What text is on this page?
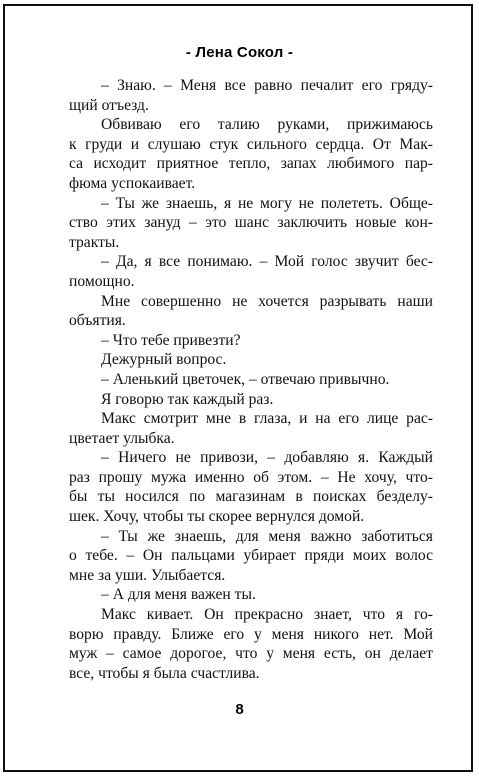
- Лена Сокол -
– Знаю. – Меня все равно печалит его гряду-
щий отъезд.
Обвиваю его талию руками, прижимаюсь
к груди и слушаю стук сильного сердца. От Мак-
са исходит приятное тепло, запах любимого пар-
фюма успокаивает.
– Ты же знаешь, я не могу не полететь. Обще-
ство этих зануд – это шанс заключить новые кон-
тракты.
– Да, я все понимаю. – Мой голос звучит бес-
помощно.
Мне совершенно не хочется разрывать наши
объятия.
– Что тебе привезти?
Дежурный вопрос.
– Аленький цветочек, – отвечаю привычно.
Я говорю так каждый раз.
Макс смотрит мне в глаза, и на его лице рас-
цветает улыбка.
– Ничего не привози, – добавляю я. Каждый
раз прошу мужа именно об этом. – Не хочу, что-
бы ты носился по магазинам в поисках безделу-
шек. Хочу, чтобы ты скорее вернулся домой.
– Ты же знаешь, для меня важно заботиться
о тебе. – Он пальцами убирает пряди моих волос
мне за уши. Улыбается.
– А для меня важен ты.
Макс кивает. Он прекрасно знает, что я го-
ворю правду. Ближе его у меня никого нет. Мой
муж – самое дорогое, что у меня есть, он делает
все, чтобы я была счастлива.
8
